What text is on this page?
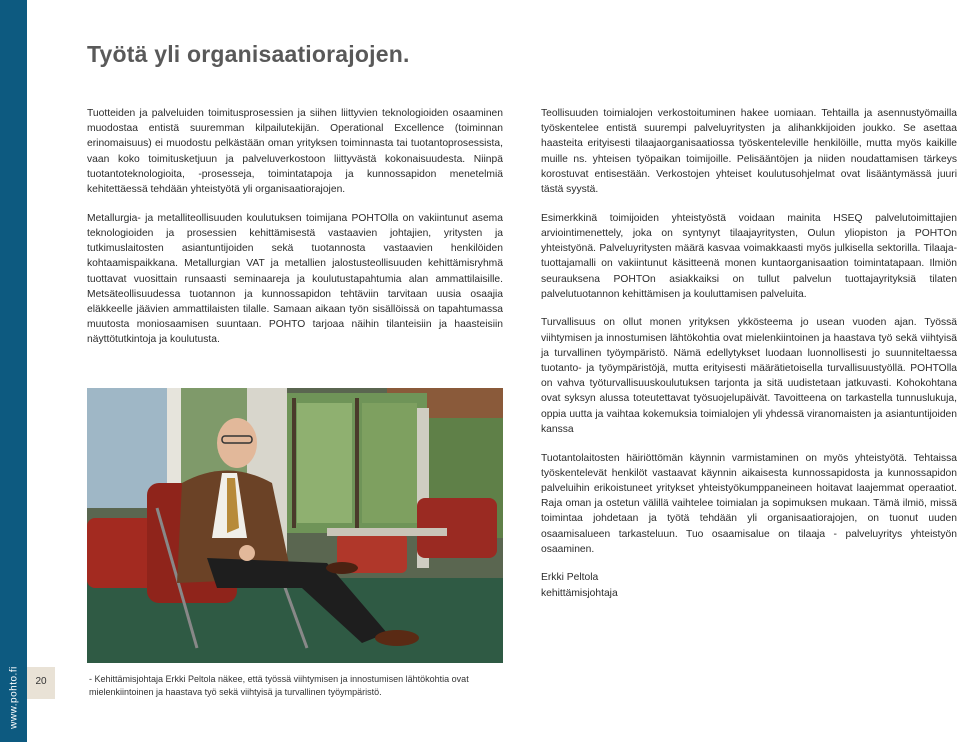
www.pohto.fi
Työtä yli organisaatiorajojen.

Tuotteiden ja palveluiden toimitusprosessien ja siihen liittyvien teknologioiden osaaminen muodostaa entistä suuremman kilpailutekijän. Operational Excellence (toiminnan erinomaisuus) ei muodostu pelkästään oman yrityksen toiminnasta tai tuotantoprosessista, vaan koko toimitusketjuun ja palveluverkostoon liittyvästä kokonaisuudesta. Niinpä tuotantoteknologioita, -prosesseja, toimintatapoja ja kunnossapidon menetelmiä kehitettäessä tehdään yhteistyötä yli organisaatiorajojen.

Metallurgia- ja metalliteollisuuden koulutuksen toimijana POHTOlla on vakiintunut asema teknologioiden ja prosessien kehittämisestä vastaavien johtajien, yritysten ja tutkimuslaitosten asiantuntijoiden sekä tuotannosta vastaavien henkilöiden kohtaamispaikkana. Metallurgian VAT ja metallien jalostusteollisuuden kehittämisryhmä tuottavat vuosittain runsaasti seminaareja ja koulutustapahtumia alan ammattilaisille. Metsäteollisuudessa tuotannon ja kunnossapidon tehtäviin tarvitaan uusia osaajia eläkkeelle jäävien ammattilaisten tilalle. Samaan aikaan työn sisällöissä on tapahtumassa muutosta moniosaamisen suuntaan. POHTO tarjoaa näihin tilanteisiin ja haasteisiin näyttötutkintoja ja koulutusta.

Teollisuuden toimialojen verkostoituminen hakee uomiaan. Tehtailla ja asennustyömailla työskentelee entistä suurempi palveluyritysten ja alihankkijoiden joukko. Se asettaa haasteita erityisesti tilaajaorganisaatiossa työskenteleville henkilöille, mutta myös kaikille muille ns. yhteisen työpaikan toimijoille. Pelisääntöjen ja niiden noudattamisen tärkeys korostuvat entisestään. Verkostojen yhteiset koulutusohjelmat ovat lisääntymässä juuri tästä syystä.

Esimerkkinä toimijoiden yhteistyöstä voidaan mainita HSEQ palvelutoimittajien arviointimenettely, joka on syntynyt tilaajayritysten, Oulun yliopiston ja POHTOn yhteistyönä. Palveluyritysten määrä kasvaa voimakkaasti myös julkisella sektorilla. Tilaaja-tuottajamalli on vakiintunut käsitteenä monen kuntaorganisaation toimintatapaan. Ilmiön seurauksena POHTOn asiakkaiksi on tullut palvelun tuottajayrityksiä tilaten palvelutuotannon kehittämisen ja kouluttamisen palveluita.

Turvallisuus on ollut monen yrityksen ykkösteema jo usean vuoden ajan. Työssä viihtymisen ja innostumisen lähtökohtia ovat mielenkiintoinen ja haastava työ sekä viihtyisä ja turvallinen työympäristö. Nämä edellytykset luodaan luonnollisesti jo suunniteltaessa tuotanto- ja työympäristöjä, mutta erityisesti määrätietoisella turvallisuustyöllä. POHTOlla on vahva työturvallisuuskoulutuksen tarjonta ja sitä uudistetaan jatkuvasti. Kohokohtana ovat syksyn alussa toteutettavat työsuojelupäivät. Tavoitteena on tarkastella tunnuslukuja, oppia uutta ja vaihtaa kokemuksia toimialojen yli yhdessä viranomaisten ja asiantuntijoiden kanssa

Tuotantolaitosten häiriöttömän käynnin varmistaminen on myös yhteistyötä. Tehtaissa työskentelevät henkilöt vastaavat käynnin aikaisesta kunnossapidosta ja kunnossapidon palveluihin erikoistuneet yritykset yhteistyökumppaneineen hoitavat laajemmat operaatiot. Raja oman ja ostetun välillä vaihtelee toimialan ja sopimuksen mukaan. Tämä ilmiö, missä toimintaa johdetaan ja työtä tehdään yli organisaatiorajojen, on tuonut uuden osaamisalueen tarkasteluun. Tuo osaamisalue on tilaaja - palveluyritys yhteistyön osaaminen.

Erkki Peltola
kehittämisjohtaja
20	- Kehittämisjohtaja Erkki Peltola näkee, että työssä viihtymisen ja innostumisen lähtökohtia ovat mielenkiintoinen ja haastava työ sekä viihtyisä ja turvallinen työympäristö.
